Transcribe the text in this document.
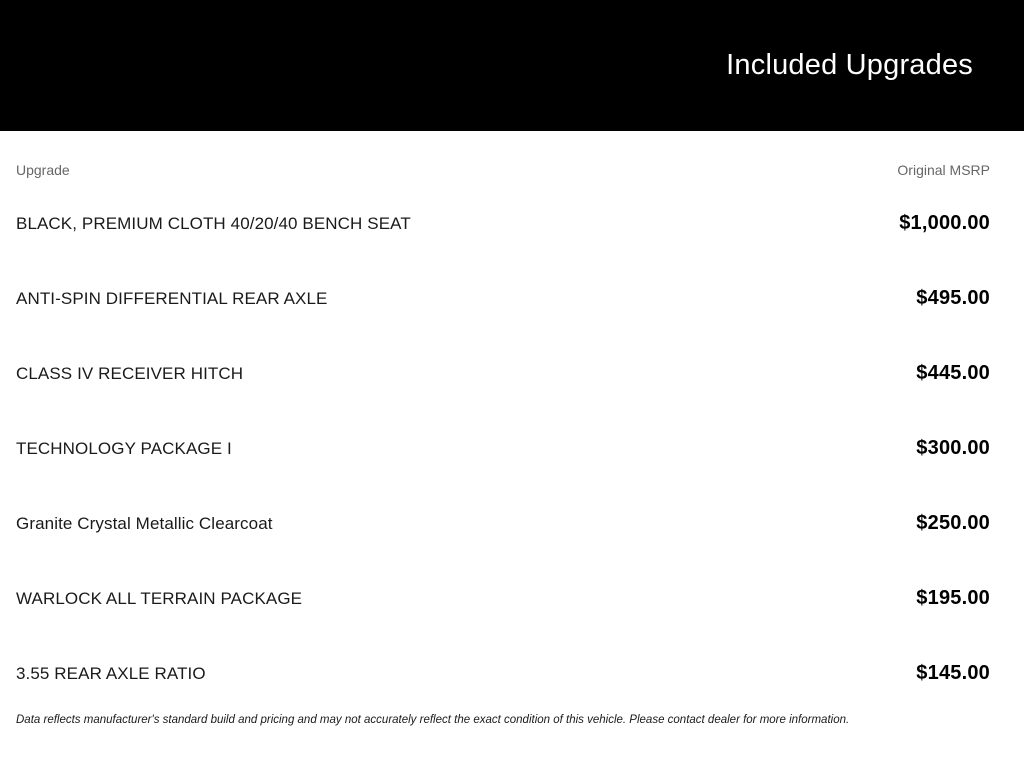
Included Upgrades
Upgrade	Original MSRP
BLACK, PREMIUM CLOTH 40/20/40 BENCH SEAT	$1,000.00
ANTI-SPIN DIFFERENTIAL REAR AXLE	$495.00
CLASS IV RECEIVER HITCH	$445.00
TECHNOLOGY PACKAGE I	$300.00
Granite Crystal Metallic Clearcoat	$250.00
WARLOCK ALL TERRAIN PACKAGE	$195.00
3.55 REAR AXLE RATIO	$145.00
Data reflects manufacturer's standard build and pricing and may not accurately reflect the exact condition of this vehicle. Please contact dealer for more information.
